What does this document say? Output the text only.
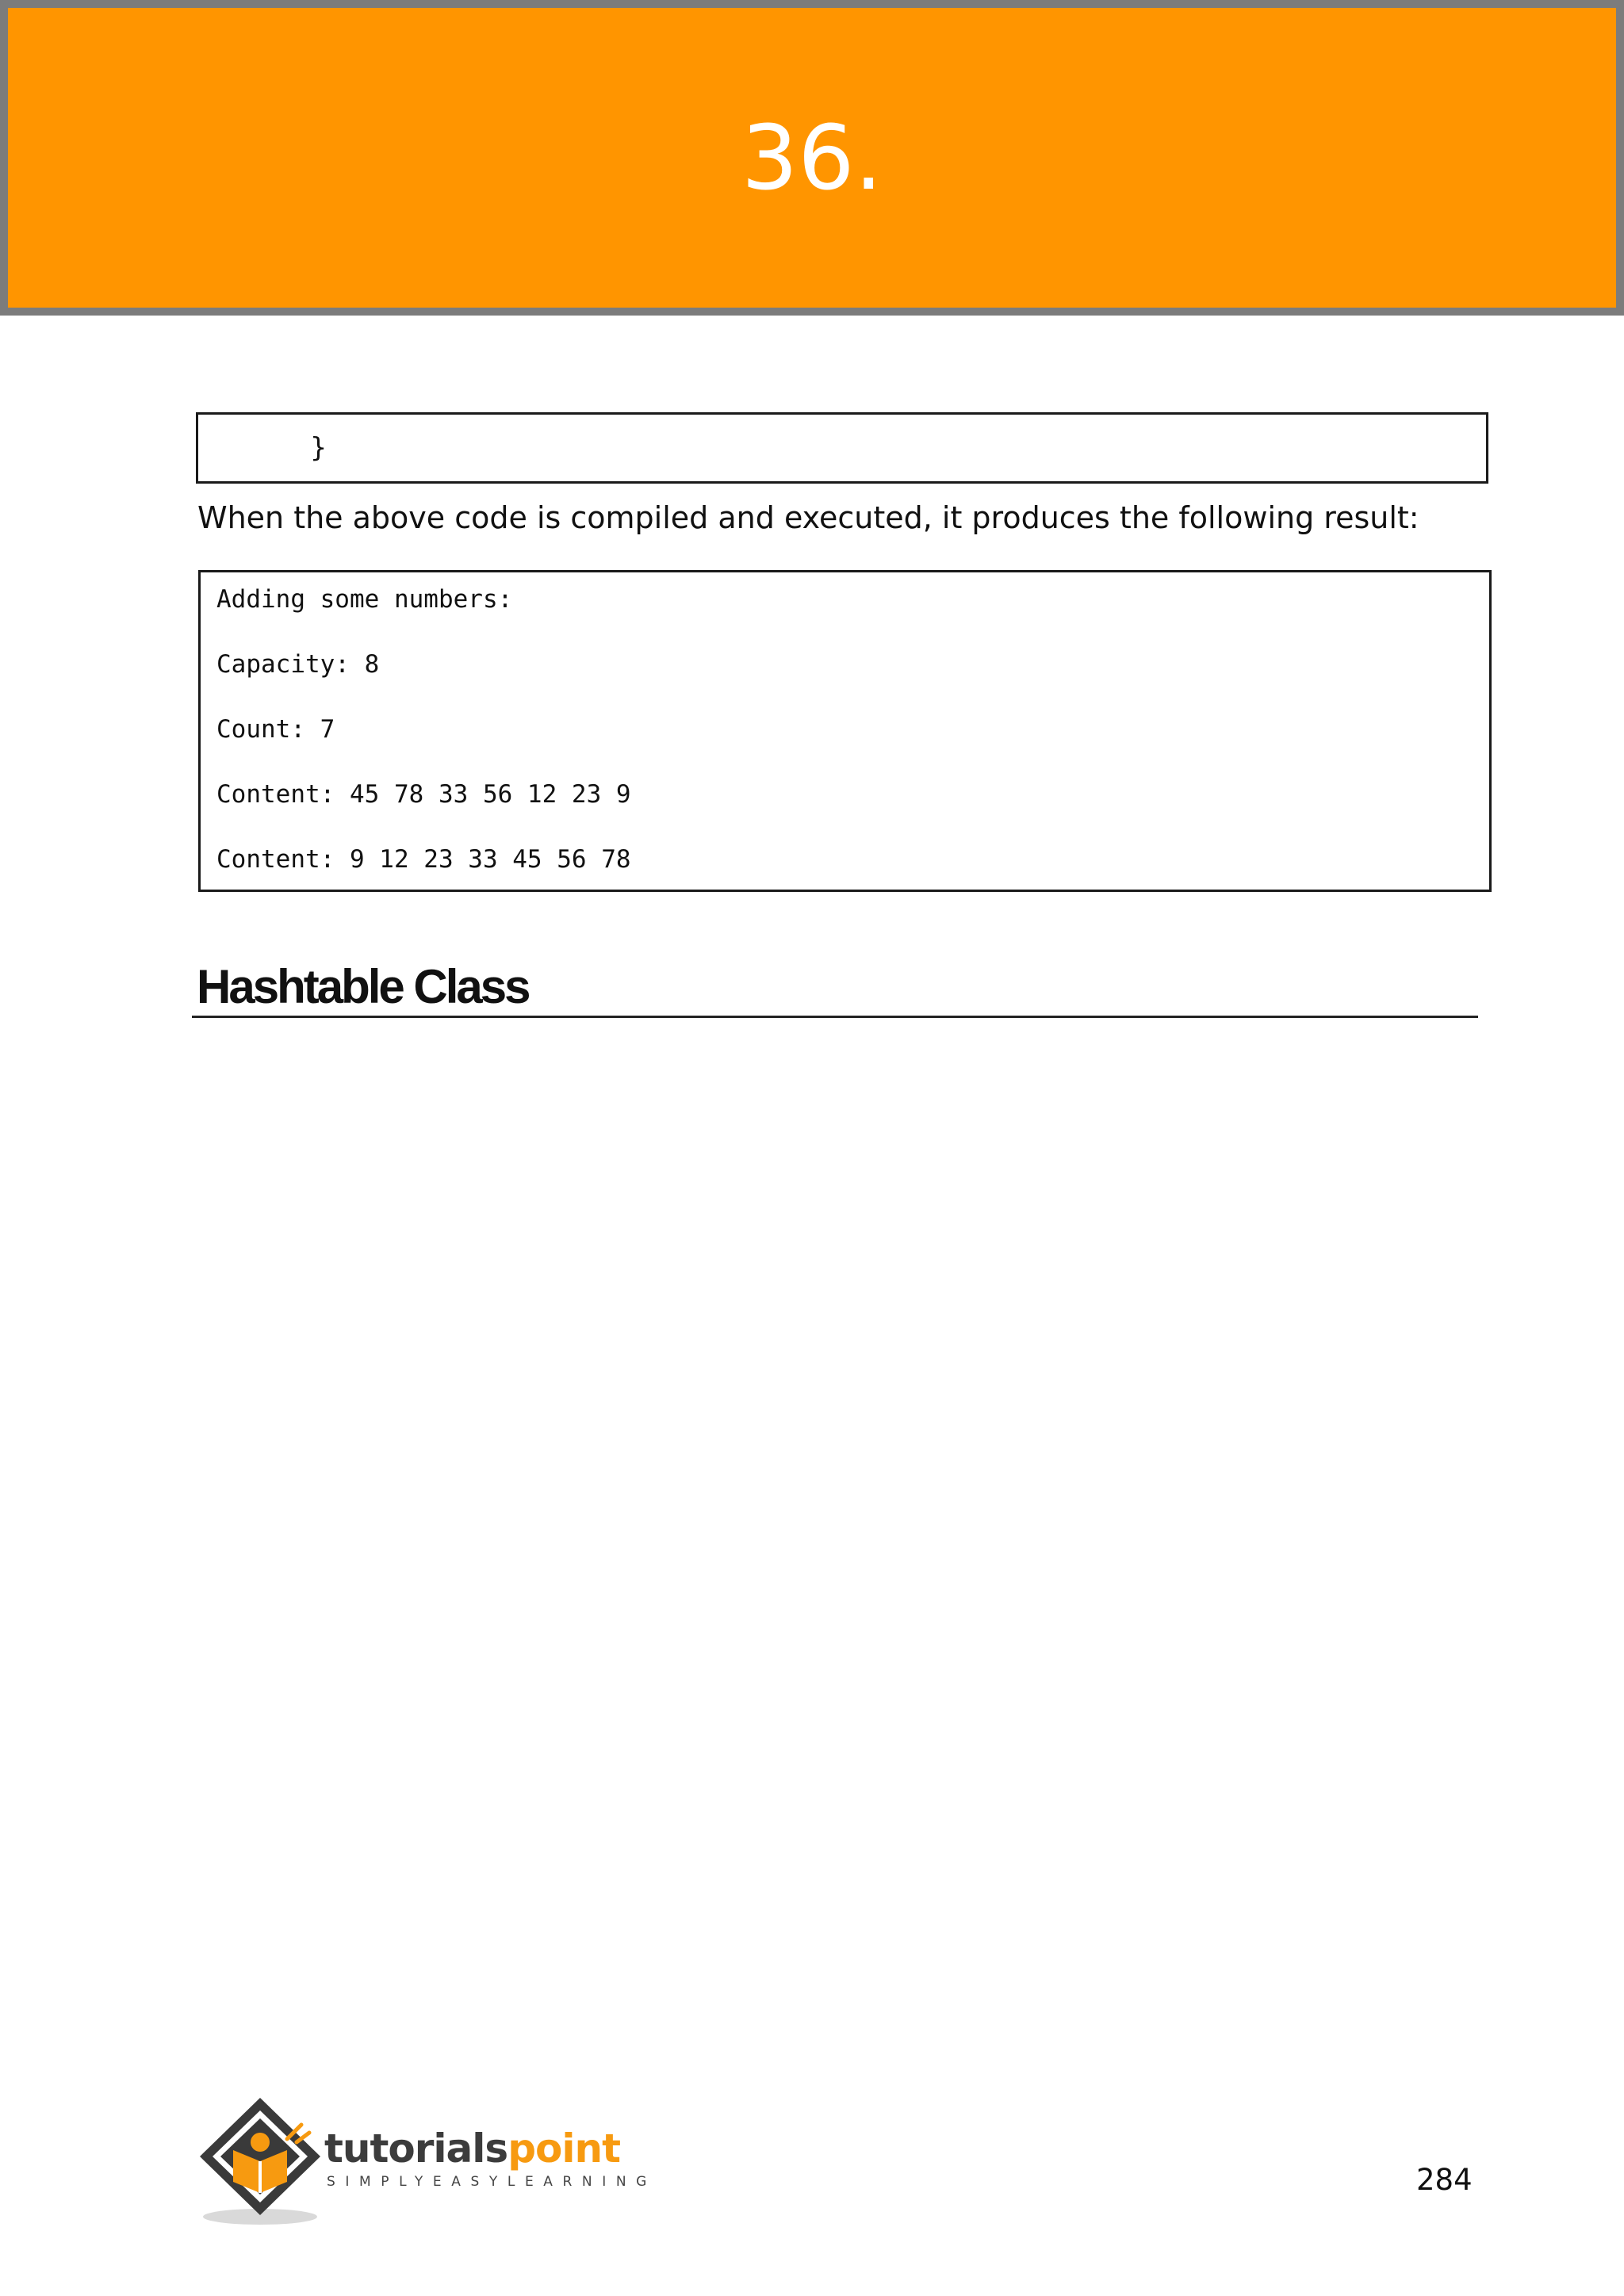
36.
}
When the above code is compiled and executed, it produces the following result:
Adding some numbers:
Capacity: 8
Count: 7
Content: 45 78 33 56 12 23 9
Content: 9 12 23 33 45 56 78
Hashtable Class
tutorialspoint
SIMPLYEASYLEARNING	284
